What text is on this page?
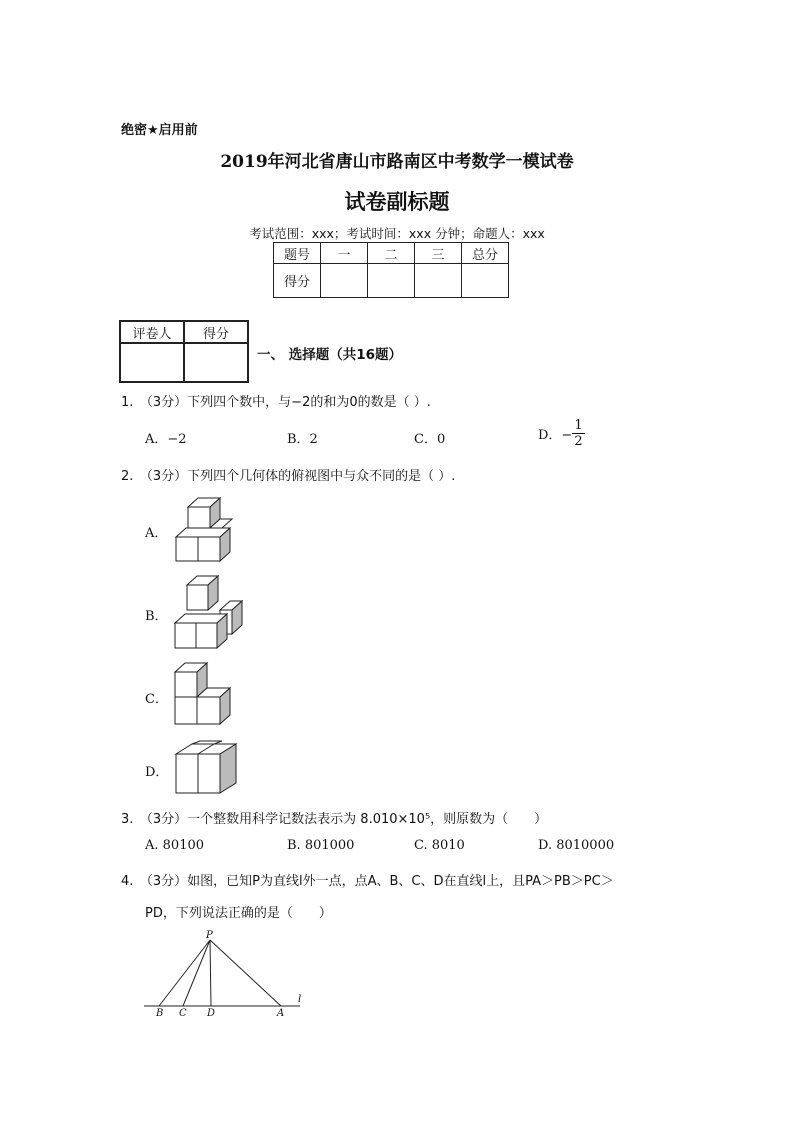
绝密★启用前
2019年河北省唐山市路南区中考数学一模试卷
试卷副标题
考试范围：xxx；考试时间：xxx 分钟；命题人：xxx
题号	一	二	三	总分
得分				
评卷人	得分

一、 选择题（共16题）
1.　（3分）下列四个数中，与−2的和为0的数是（ ）.
A．−2	B．2	C．0	D．− $\frac{1}{2}$
2.　（3分）下列四个几何体的俯视图中与众不同的是（ ）.
A．
B．
C．
D．
3.　（3分）一个整数用科学记数法表示为 8.010×10⁵，则原数为（　　）
A. 80100	B. 801000	C. 8010	D. 8010000
4.　（3分）如图，已知P为直线l外一点，点A、B、C、D在直线l上，且PA＞PB＞PC＞
PD，下列说法正确的是（　　）
P
B C D	A
l
